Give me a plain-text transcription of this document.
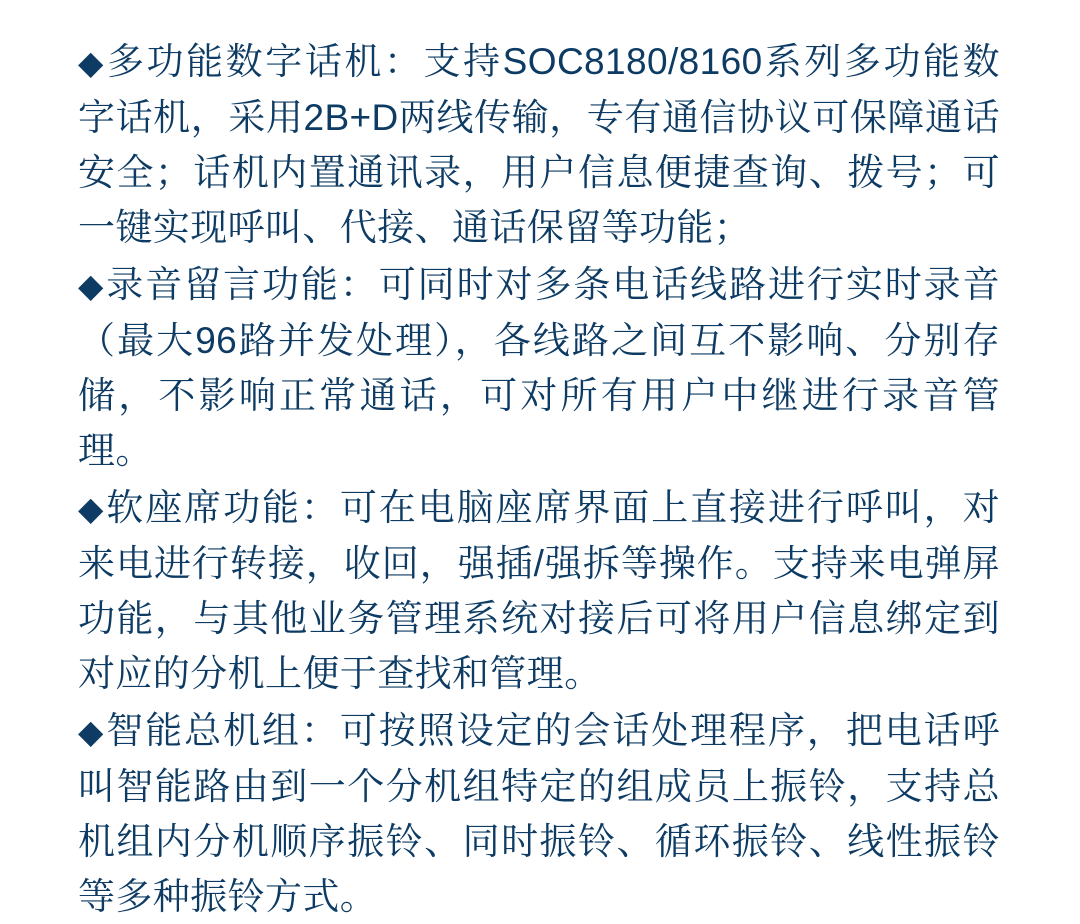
◆多功能数字话机：支持SOC8180/8160系列多功能数字话机，采用2B+D两线传输，专有通信协议可保障通话安全；话机内置通讯录，用户信息便捷查询、拨号；可一键实现呼叫、代接、通话保留等功能；
◆录音留言功能：可同时对多条电话线路进行实时录音（最大96路并发处理），各线路之间互不影响、分别存储，不影响正常通话，可对所有用户中继进行录音管理。
◆软座席功能：可在电脑座席界面上直接进行呼叫，对来电进行转接，收回，强插/强拆等操作。支持来电弹屏功能，与其他业务管理系统对接后可将用户信息绑定到对应的分机上便于查找和管理。
◆智能总机组：可按照设定的会话处理程序，把电话呼叫智能路由到一个分机组特定的组成员上振铃，支持总机组内分机顺序振铃、同时振铃、循环振铃、线性振铃等多种振铃方式。
